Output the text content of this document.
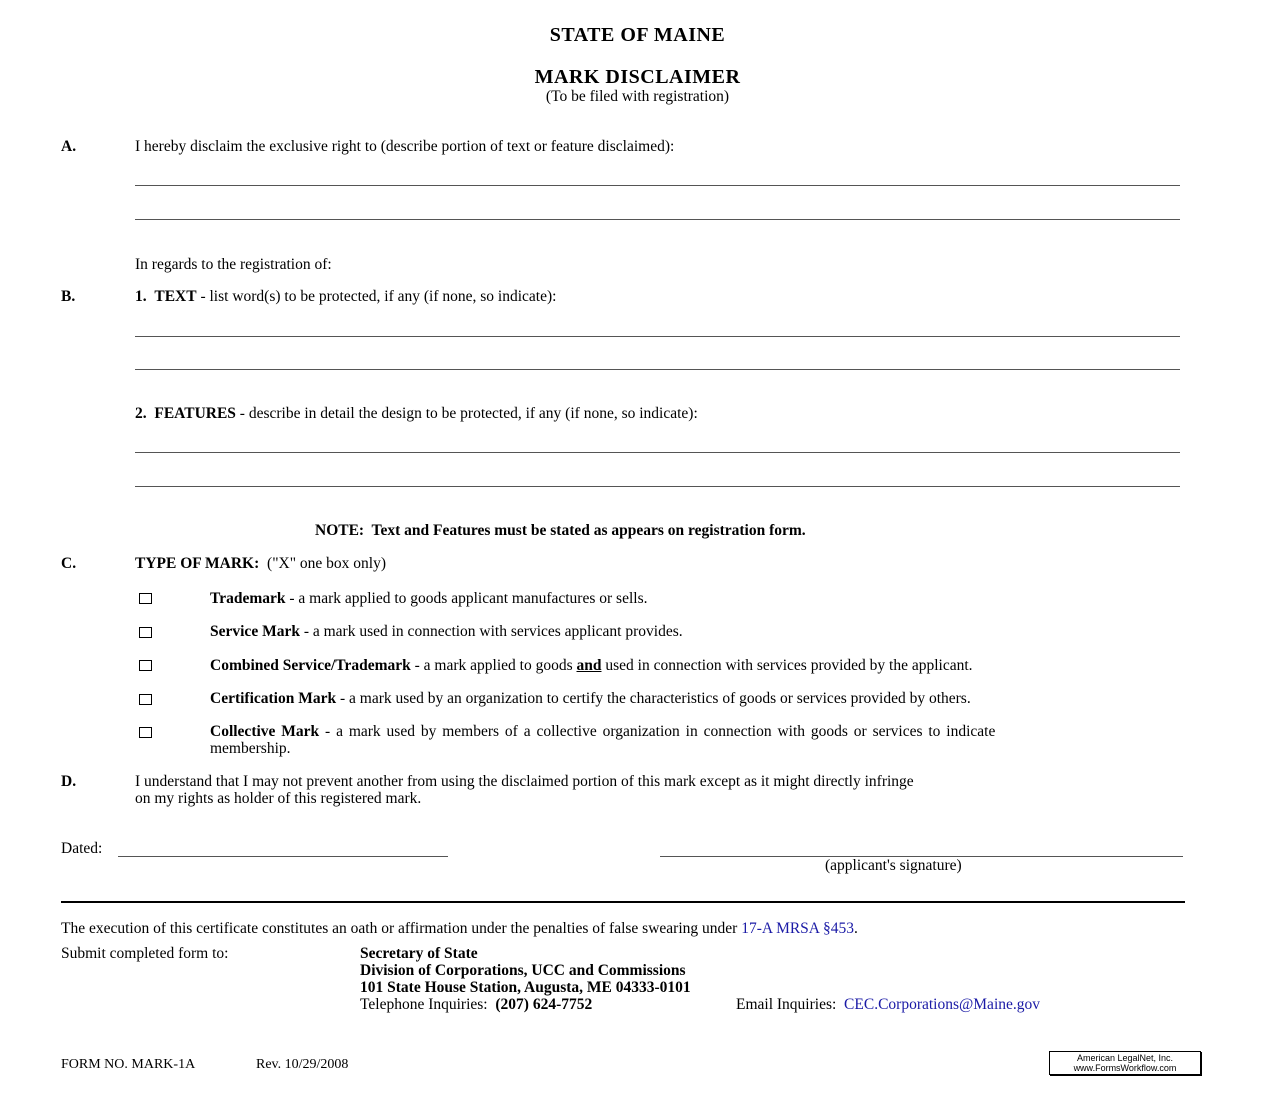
STATE OF MAINE
MARK DISCLAIMER
(To be filed with registration)
A.	I hereby disclaim the exclusive right to (describe portion of text or feature disclaimed):
In regards to the registration of:
B.	1. TEXT - list word(s) to be protected, if any (if none, so indicate):
2. FEATURES - describe in detail the design to be protected, if any (if none, so indicate):
NOTE:  Text and Features must be stated as appears on registration form.
C.	TYPE OF MARK:  ("X" one box only)
Trademark - a mark applied to goods applicant manufactures or sells.
Service Mark - a mark used in connection with services applicant provides.
Combined Service/Trademark - a mark applied to goods and used in connection with services provided by the applicant.
Certification Mark - a mark used by an organization to certify the characteristics of goods or services provided by others.
Collective Mark - a mark used by members of a collective organization in connection with goods or services to indicate
membership.
D.	I understand that I may not prevent another from using the disclaimed portion of this mark except as it might directly infringe
on my rights as holder of this registered mark.
Dated:
(applicant's signature)
The execution of this certificate constitutes an oath or affirmation under the penalties of false swearing under 17-A MRSA §453.
Submit completed form to:	Secretary of State
Division of Corporations, UCC and Commissions
101 State House Station, Augusta, ME 04333-0101
Telephone Inquiries:  (207) 624-7752	Email Inquiries:  CEC.Corporations@Maine.gov
FORM NO. MARK-1A	Rev. 10/29/2008	American LegalNet, Inc.
www.FormsWorkflow.com
